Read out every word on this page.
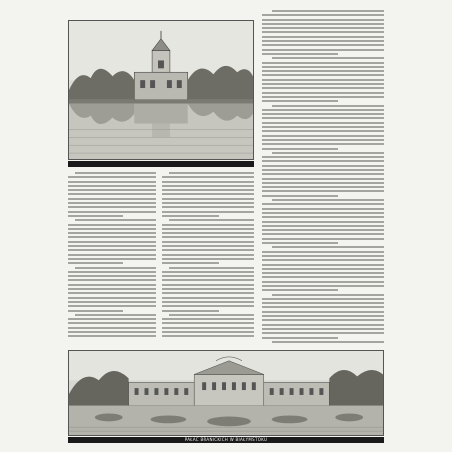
PAŁAC BRANICKICH W BIAŁYMSTOKU
